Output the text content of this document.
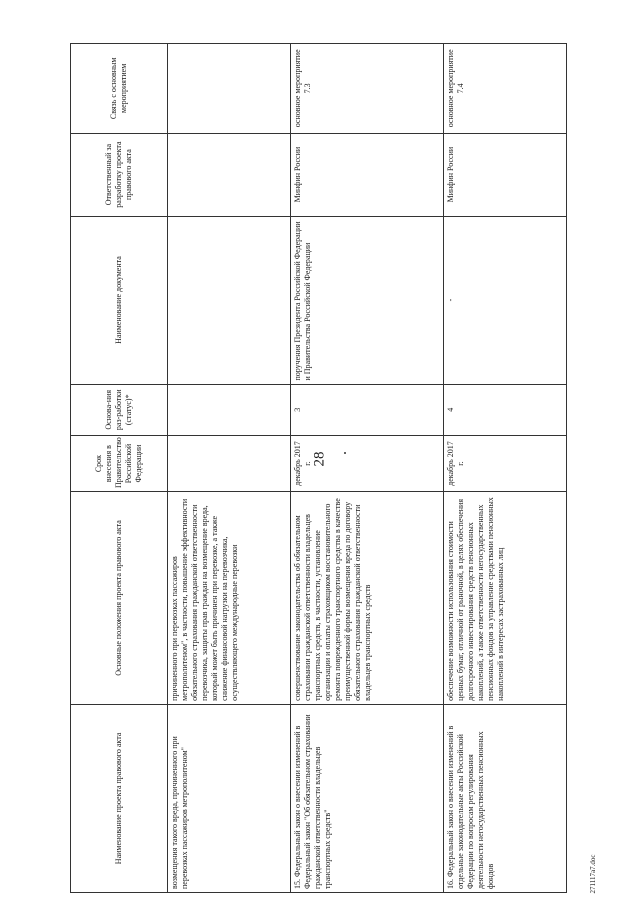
28
271117a7.doc
Наименование проекта правового акта	Основные положения проекта правового акта	Срок внесения в Правительство Российской Федерации	Основа-ния раз-работки (статус)*	Наименование документа	Ответственный за разработку проекта правового акта	Связь с основным мероприятием
возмещения такого вреда, причиненного при перевозках пассажиров метрополитеном"	причиненного при перевозках пассажиров метрополитеном", в частности, повышение эффективности обязательного страхования гражданской ответственности перевозчика, защиты прав граждан на возмещение вреда, который может быть причинен при перевозке, а также снижение финансовой нагрузки на перевозчика, осуществляющего международные перевозки					
15. Федеральный закон о внесении изменений в Федеральный закон "Об обязательном страховании гражданской ответственности владельцев транспортных средств"	совершенствование законодательства об обязательном страховании гражданской ответственности владельцев транспортных средств, в частности, установление организации и оплаты страховщиком восстановительного ремонта поврежденного транспортного средства в качестве преимущественной формы возмещения вреда по договору обязательного страхования гражданской ответственности владельцев транспортных средств	декабрь 2017 г.	3	поручения Президента Российской Федерации и Правительства Российской Федерации	Минфин России	основное мероприятие 7.3
16. Федеральный закон о внесении изменений в отдельные законодательные акты Российской Федерации по вопросам регулирования деятельности негосударственных пенсионных фондов	обеспечение возможности использования стоимости ценных бумаг, отличной от рыночной, в целях обеспечения долгосрочного инвестирования средств пенсионных накоплений, а также ответственности негосударственных пенсионных фондов за управление средствами пенсионных накоплений в интересах застрахованных лиц	декабрь 2017 г.	4	-	Минфин России	основное мероприятие 7.4
